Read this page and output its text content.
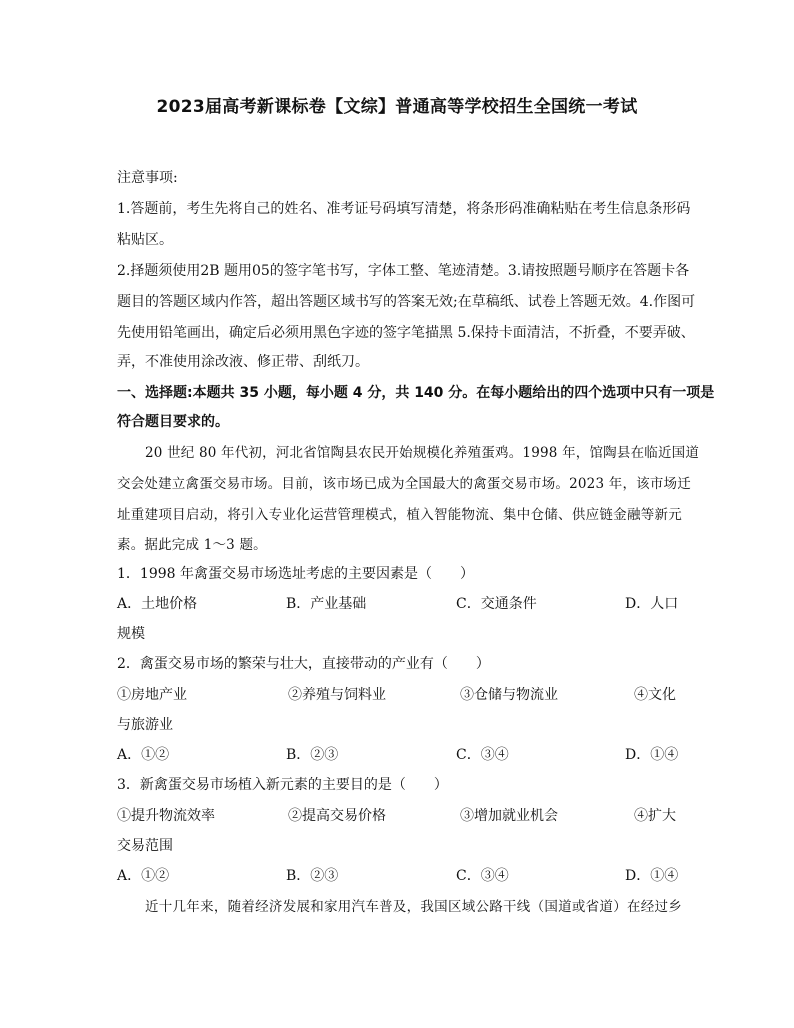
2023届高考新课标卷【文综】普通高等学校招生全国统一考试
注意事项:
1.答题前，考生先将自己的姓名、准考证号码填写清楚，将条形码准确粘贴在考生信息条形码
粘贴区。
2.择题须使用2B 题用05的签字笔书写，字体工整、笔迹清楚。3.请按照题号顺序在答题卡各
题目的答题区域内作答，超出答题区域书写的答案无效;在草稿纸、试卷上答题无效。4.作图可
先使用铅笔画出，确定后必须用黑色字迹的签字笔描黑 5.保持卡面清洁，不折叠，不要弄破、
弄，不准使用涂改液、修正带、刮纸刀。
一、选择题:本题共 35 小题，每小题 4 分，共 140 分。在每小题给出的四个选项中只有一项是
符合题目要求的。
20 世纪 80 年代初，河北省馆陶县农民开始规模化养殖蛋鸡。1998 年，馆陶县在临近国道
交会处建立禽蛋交易市场。目前，该市场已成为全国最大的禽蛋交易市场。2023 年，该市场迁
址重建项目启动，将引入专业化运营管理模式，植入智能物流、集中仓储、供应链金融等新元
素。据此完成 1～3 题。
1．1998 年禽蛋交易市场选址考虑的主要因素是（　　）
A．土地价格	B．产业基础	C．交通条件	D．人口
规模
2．禽蛋交易市场的繁荣与壮大，直接带动的产业有（　　）
①房地产业	②养殖与饲料业	③仓储与物流业	④文化
与旅游业
A．①②	B．②③	C．③④	D．①④
3．新禽蛋交易市场植入新元素的主要目的是（　　）
①提升物流效率	②提高交易价格	③增加就业机会	④扩大
交易范围
A．①②	B．②③	C．③④	D．①④
近十几年来，随着经济发展和家用汽车普及，我国区域公路干线（国道或省道）在经过乡
